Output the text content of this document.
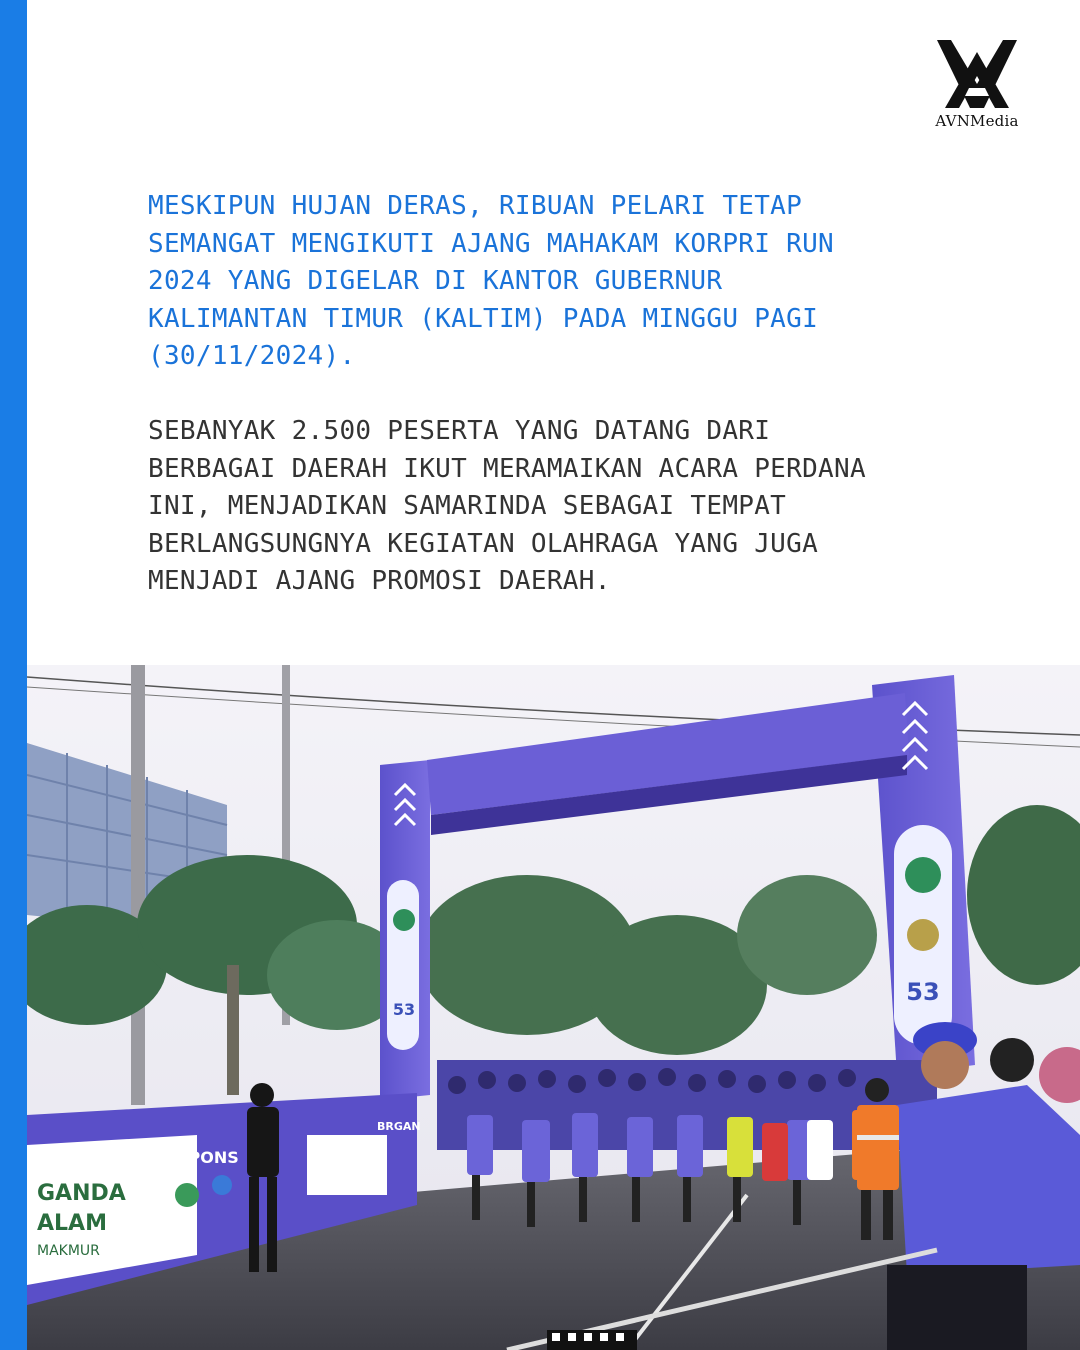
AVNMedia

MESKIPUN HUJAN DERAS, RIBUAN PELARI TETAP
SEMANGAT MENGIKUTI AJANG MAHAKAM KORPRI RUN
2024 YANG DIGELAR DI KANTOR GUBERNUR
KALIMANTAN TIMUR (KALTIM) PADA MINGGU PAGI
(30/11/2024).

SEBANYAK 2.500 PESERTA YANG DATANG DARI
BERBAGAI DAERAH IKUT MERAMAIKAN ACARA PERDANA
INI, MENJADIKAN SAMARINDA SEBAGAI TEMPAT
BERLANGSUNGNYA KEGIATAN OLAHRAGA YANG JUGA
MENJADI AJANG PROMOSI DAERAH.

53
53
GANDA
ALAM
MAKMUR
SPONS
BRGAN
